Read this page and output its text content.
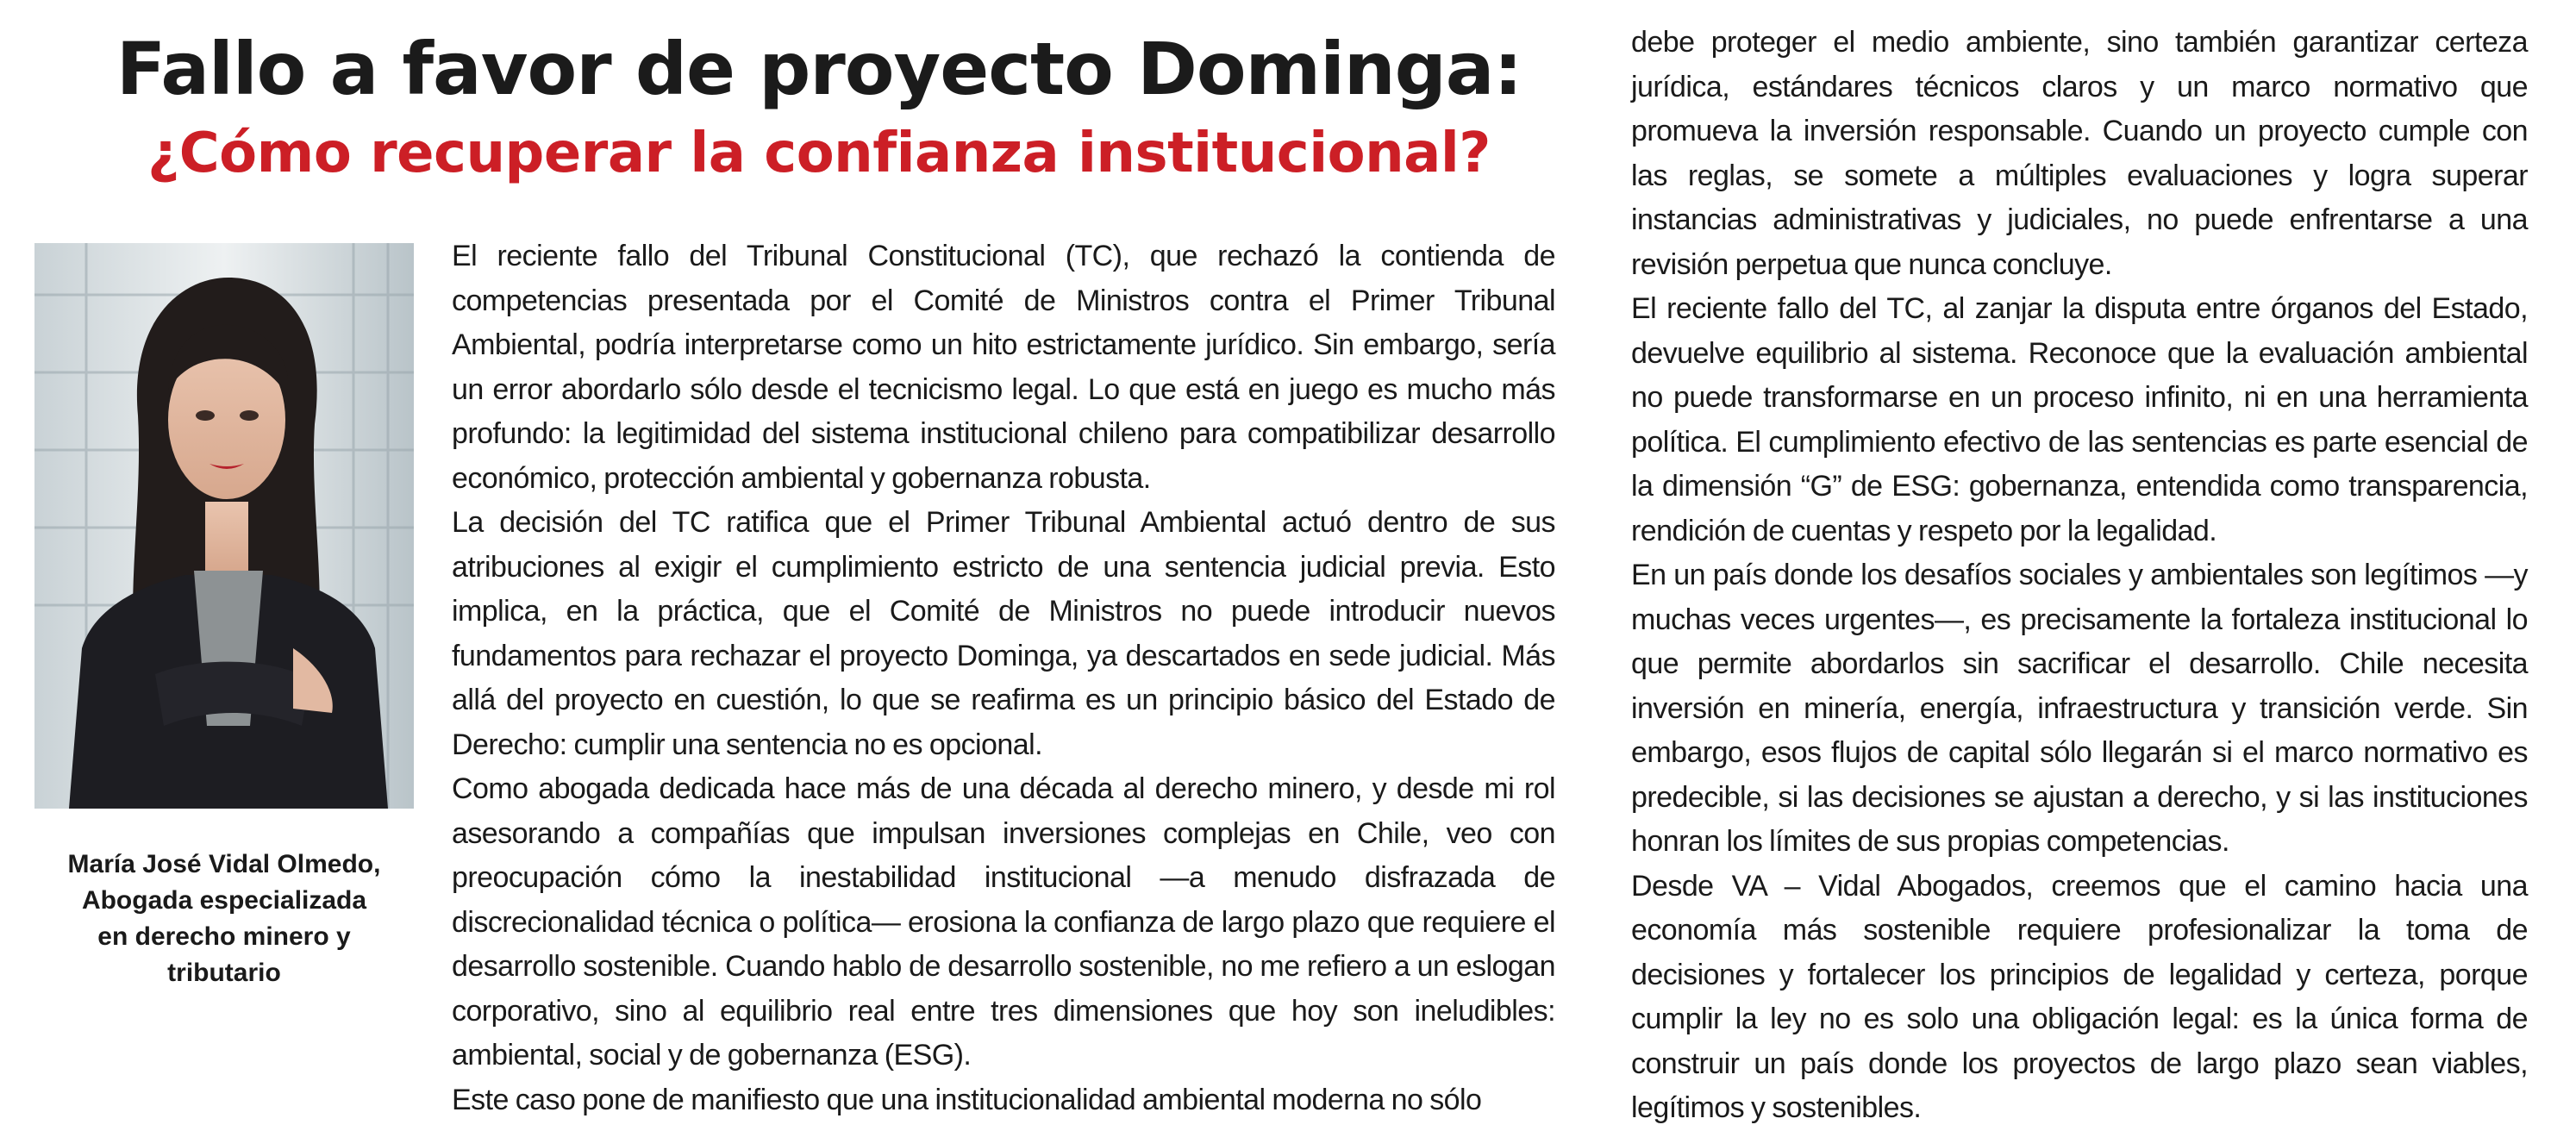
Fallo a favor de proyecto Dominga:
¿Cómo recuperar la confianza institucional?
María José Vidal Olmedo,
Abogada especializada
en derecho minero y
tributario

El reciente fallo del Tribunal Constitucional (TC), que rechazó la contienda de competencias presentada por el Comité de Ministros contra el Primer Tribunal Ambiental, podría interpretarse como un hito estrictamente jurídico. Sin embargo, sería un error abordarlo sólo desde el tecnicismo legal. Lo que está en juego es mucho más profundo: la legitimidad del sistema institucional chileno para compatibilizar desarrollo económico, protección ambiental y gobernanza robusta.

La decisión del TC ratifica que el Primer Tribunal Ambiental actuó dentro de sus atribuciones al exigir el cumplimiento estricto de una sentencia judicial previa. Esto implica, en la práctica, que el Comité de Ministros no puede introducir nuevos fundamentos para rechazar el proyecto Dominga, ya descartados en sede judicial. Más allá del proyecto en cuestión, lo que se reafirma es un principio básico del Estado de Derecho: cumplir una sentencia no es opcional.

Como abogada dedicada hace más de una década al derecho minero, y desde mi rol asesorando a compañías que impulsan inversiones complejas en Chile, veo con preocupación cómo la inestabilidad institucional —a menudo disfrazada de discrecionalidad técnica o política— erosiona la confianza de largo plazo que requiere el desarrollo sostenible. Cuando hablo de desarrollo sostenible, no me refiero a un eslogan corporativo, sino al equilibrio real entre tres dimensiones que hoy son ineludibles: ambiental, social y de gobernanza (ESG).

Este caso pone de manifiesto que una institucionalidad ambiental moderna no sólo

debe proteger el medio ambiente, sino también garantizar certeza jurídica, estándares técnicos claros y un marco normativo que promueva la inversión responsable. Cuando un proyecto cumple con las reglas, se somete a múltiples evaluaciones y logra superar instancias administrativas y judiciales, no puede enfrentarse a una revisión perpetua que nunca concluye.

El reciente fallo del TC, al zanjar la disputa entre órganos del Estado, devuelve equilibrio al sistema. Reconoce que la evaluación ambiental no puede transformarse en un proceso infinito, ni en una herramienta política. El cumplimiento efectivo de las sentencias es parte esencial de la dimensión “G” de ESG: gobernanza, entendida como transparencia, rendición de cuentas y respeto por la legalidad.

En un país donde los desafíos sociales y ambientales son legítimos —y muchas veces urgentes—, es precisamente la fortaleza institucional lo que permite abordarlos sin sacrificar el desarrollo. Chile necesita inversión en minería, energía, infraestructura y transición verde. Sin embargo, esos flujos de capital sólo llegarán si el marco normativo es predecible, si las decisiones se ajustan a derecho, y si las instituciones honran los límites de sus propias competencias.

Desde VA – Vidal Abogados, creemos que el camino hacia una economía más sostenible requiere profesionalizar la toma de decisiones y fortalecer los principios de legalidad y certeza, porque cumplir la ley no es solo una obligación legal: es la única forma de construir un país donde los proyectos de largo plazo sean viables, legítimos y sostenibles.
